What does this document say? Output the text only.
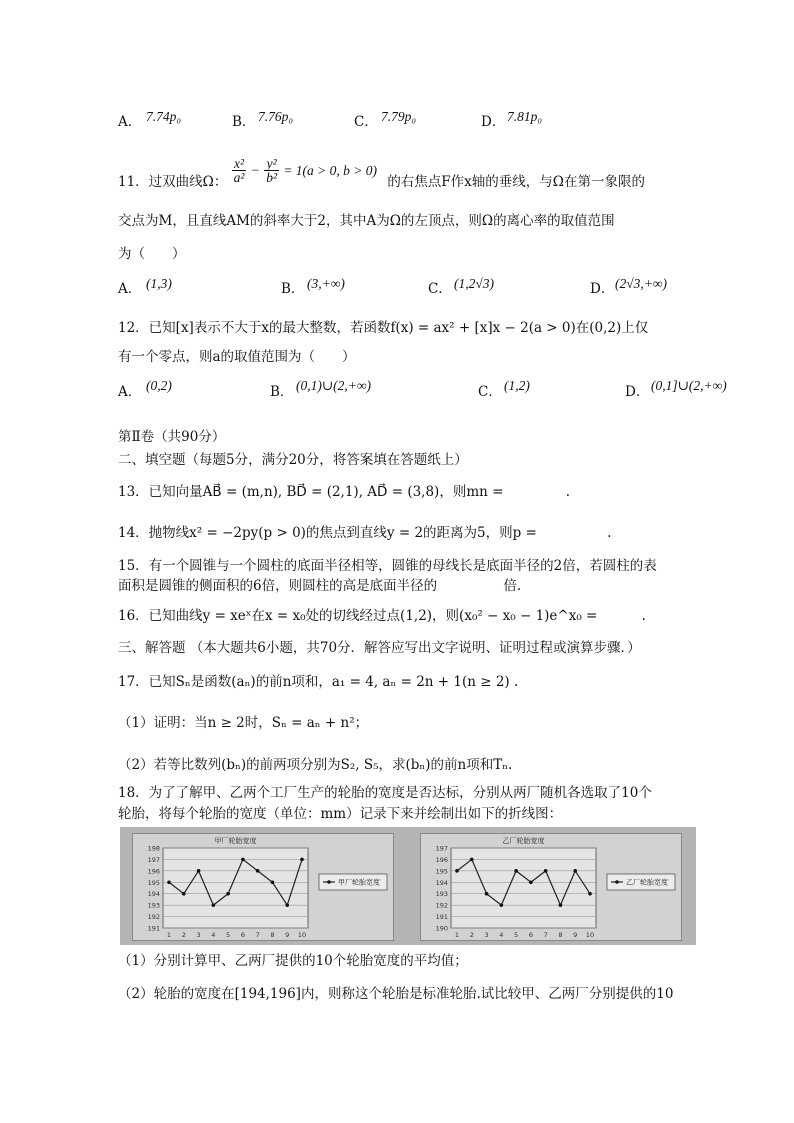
A． 7.74p₀	B． 7.76p₀	C． 7.79p₀	D． 7.81p₀
11．过双曲线Ω： $\frac{\text{x²}}{\text{a²}} - \frac{\text{y²}}{\text{b²}} = 1(a > 0$, b > 0) 的右焦点F作x轴的垂线，与Ω在第一象限的
交点为M，且直线AM的斜率大于2，其中A为Ω的左顶点，则Ω的离心率的取值范围
为（　　）
A． (1,3)	B． (3,+∞)	C． (1,2√3)	D． (2√3,+∞)
12．已知[x]表示不大于x的最大整数，若函数f(x) = ax² + [x]x − 2(a > 0)在(0,2)上仅
有一个零点，则a的取值范围为（　　）
A． (0,2)	B． (0,1)∪(2,+∞)	C． (1,2)	D． (0,1]∪(2,+∞)
第Ⅱ卷（共90分）
二、填空题（每题5分，满分20分，将答案填在答题纸上）
13．已知向量AB⃗ = (m,n), BD⃗ = (2,1), AD⃗ = (3,8)，则mn =	.
14．抛物线x² = −2py(p > 0)的焦点到直线y = 2的距离为5，则p =	.
15．有一个圆锥与一个圆柱的底面半径相等，圆锥的母线长是底面半径的2倍，若圆柱的表
面积是圆锥的侧面积的6倍，则圆柱的高是底面半径的	倍.
16．已知曲线y = xeˣ在x = x₀处的切线经过点(1,2)，则(x₀² − x₀ − 1)e^x₀ =	.
三、解答题 （本大题共6小题，共70分．解答应写出文字说明、证明过程或演算步骤．）
17．已知Sₙ是函数(aₙ)的前n项和，a₁ = 4, aₙ = 2n + 1(n ≥ 2) .
（1）证明：当n ≥ 2时，Sₙ = aₙ + n²；
（2）若等比数列(bₙ)的前两项分别为S₂, S₅，求(bₙ)的前n项和Tₙ.
18．为了了解甲、乙两个工厂生产的轮胎的宽度是否达标，分别从两厂随机各选取了10个
轮胎，将每个轮胎的宽度（单位：mm）记录下来并绘制出如下的折线图：
甲厂轮胎宽度
191
192
193
194
195
196
197
198
1 2 3 4 5 6 7 8 9 10
甲厂轮胎宽度
乙厂轮胎宽度
190
191
192
193
194
195
196
197
1 2 3 4 5 6 7 8 9 10
乙厂轮胎宽度
（1）分别计算甲、乙两厂提供的10个轮胎宽度的平均值；
（2）轮胎的宽度在[194,196]内，则称这个轮胎是标准轮胎.试比较甲、乙两厂分别提供的10
